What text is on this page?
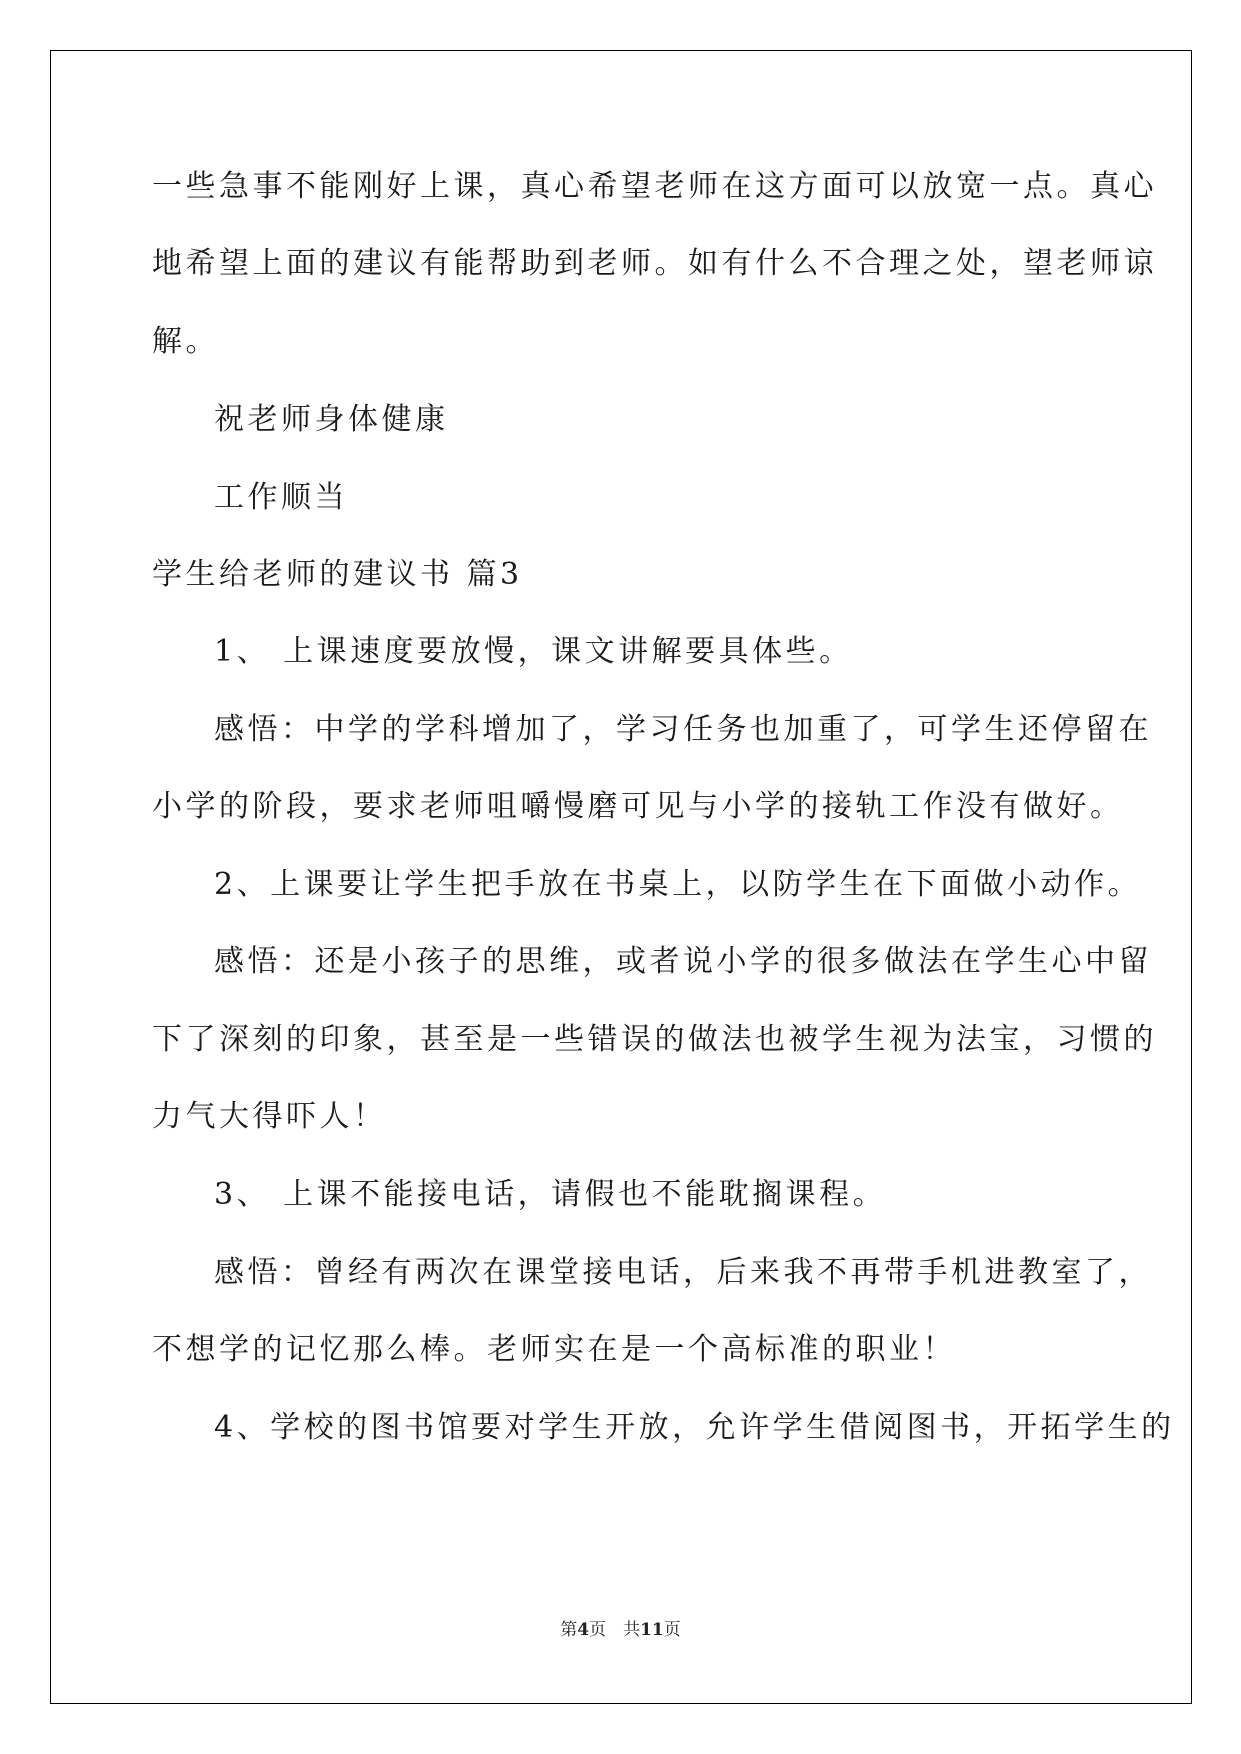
一些急事不能刚好上课，真心希望老师在这方面可以放宽一点。真心
地希望上面的建议有能帮助到老师。如有什么不合理之处，望老师谅
解。
祝老师身体健康
工作顺当
学生给老师的建议书 篇3
1、 上课速度要放慢，课文讲解要具体些。
感悟：中学的学科增加了，学习任务也加重了，可学生还停留在
小学的阶段，要求老师咀嚼慢磨可见与小学的接轨工作没有做好。
2、上课要让学生把手放在书桌上，以防学生在下面做小动作。
感悟：还是小孩子的思维，或者说小学的很多做法在学生心中留
下了深刻的印象，甚至是一些错误的做法也被学生视为法宝，习惯的
力气大得吓人！
3、 上课不能接电话，请假也不能耽搁课程。
感悟：曾经有两次在课堂接电话，后来我不再带手机进教室了，
不想学的记忆那么棒。老师实在是一个高标准的职业！
4、学校的图书馆要对学生开放，允许学生借阅图书，开拓学生的
第4页　共11页
